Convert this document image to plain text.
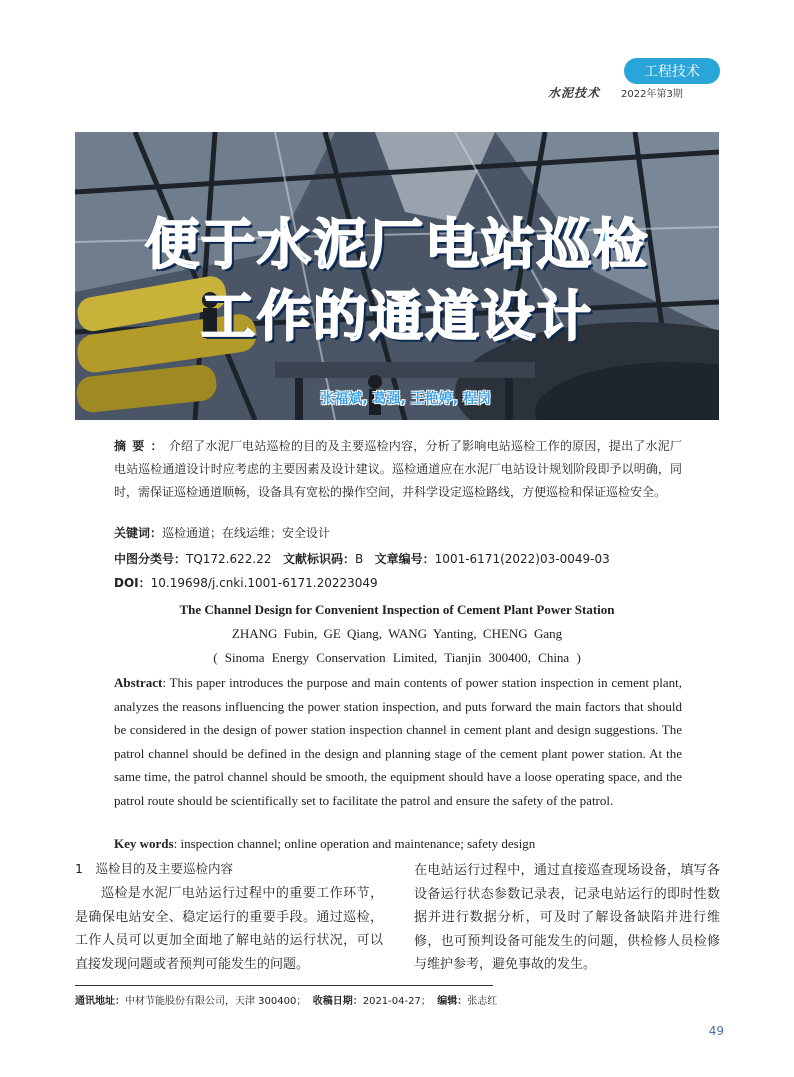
工程技术
水泥技术 2022年第3期
便于水泥厂电站巡检
工作的通道设计
张福斌, 葛强, 王艳婷, 程岗
摘要：介绍了水泥厂电站巡检的目的及主要巡检内容，分析了影响电站巡检工作的原因，提出了水泥厂电站巡检通道设计时应考虑的主要因素及设计建议。巡检通道应在水泥厂电站设计规划阶段即予以明确，同时，需保证巡检通道顺畅，设备具有宽松的操作空间，并科学设定巡检路线，方便巡检和保证巡检安全。
关键词：巡检通道；在线运维；安全设计
中图分类号：TQ172.622.22 文献标识码：B 文章编号：1001-6171(2022)03-0049-03
DOI：10.19698/j.cnki.1001-6171.20223049
The Channel Design for Convenient Inspection of Cement Plant Power Station
ZHANG Fubin, GE Qiang, WANG Yanting, CHENG Gang
( Sinoma Energy Conservation Limited, Tianjin 300400, China )
Abstract: This paper introduces the purpose and main contents of power station inspection in cement plant, analyzes the reasons influencing the power station inspection, and puts forward the main factors that should be considered in the design of power station inspection channel in cement plant and design suggestions. The patrol channel should be defined in the design and planning stage of the cement plant power station. At the same time, the patrol channel should be smooth, the equipment should have a loose operating space, and the patrol route should be scientifically set to facilitate the patrol and ensure the safety of the patrol.
Key words: inspection channel; online operation and maintenance; safety design
1　巡检目的及主要巡检内容
巡检是水泥厂电站运行过程中的重要工作环节，是确保电站安全、稳定运行的重要手段。通过巡检，工作人员可以更加全面地了解电站的运行状况，可以直接发现问题或者预判可能发生的问题。
在电站运行过程中，通过直接巡查现场设备，填写各设备运行状态参数记录表，记录电站运行的即时性数据并进行数据分析，可及时了解设备缺陷并进行维修，也可预判设备可能发生的问题，供检修人员检修与维护参考，避免事故的发生。
通讯地址：中材节能股份有限公司，天津 300400； 收稿日期：2021-04-27； 编辑：张志红
49
